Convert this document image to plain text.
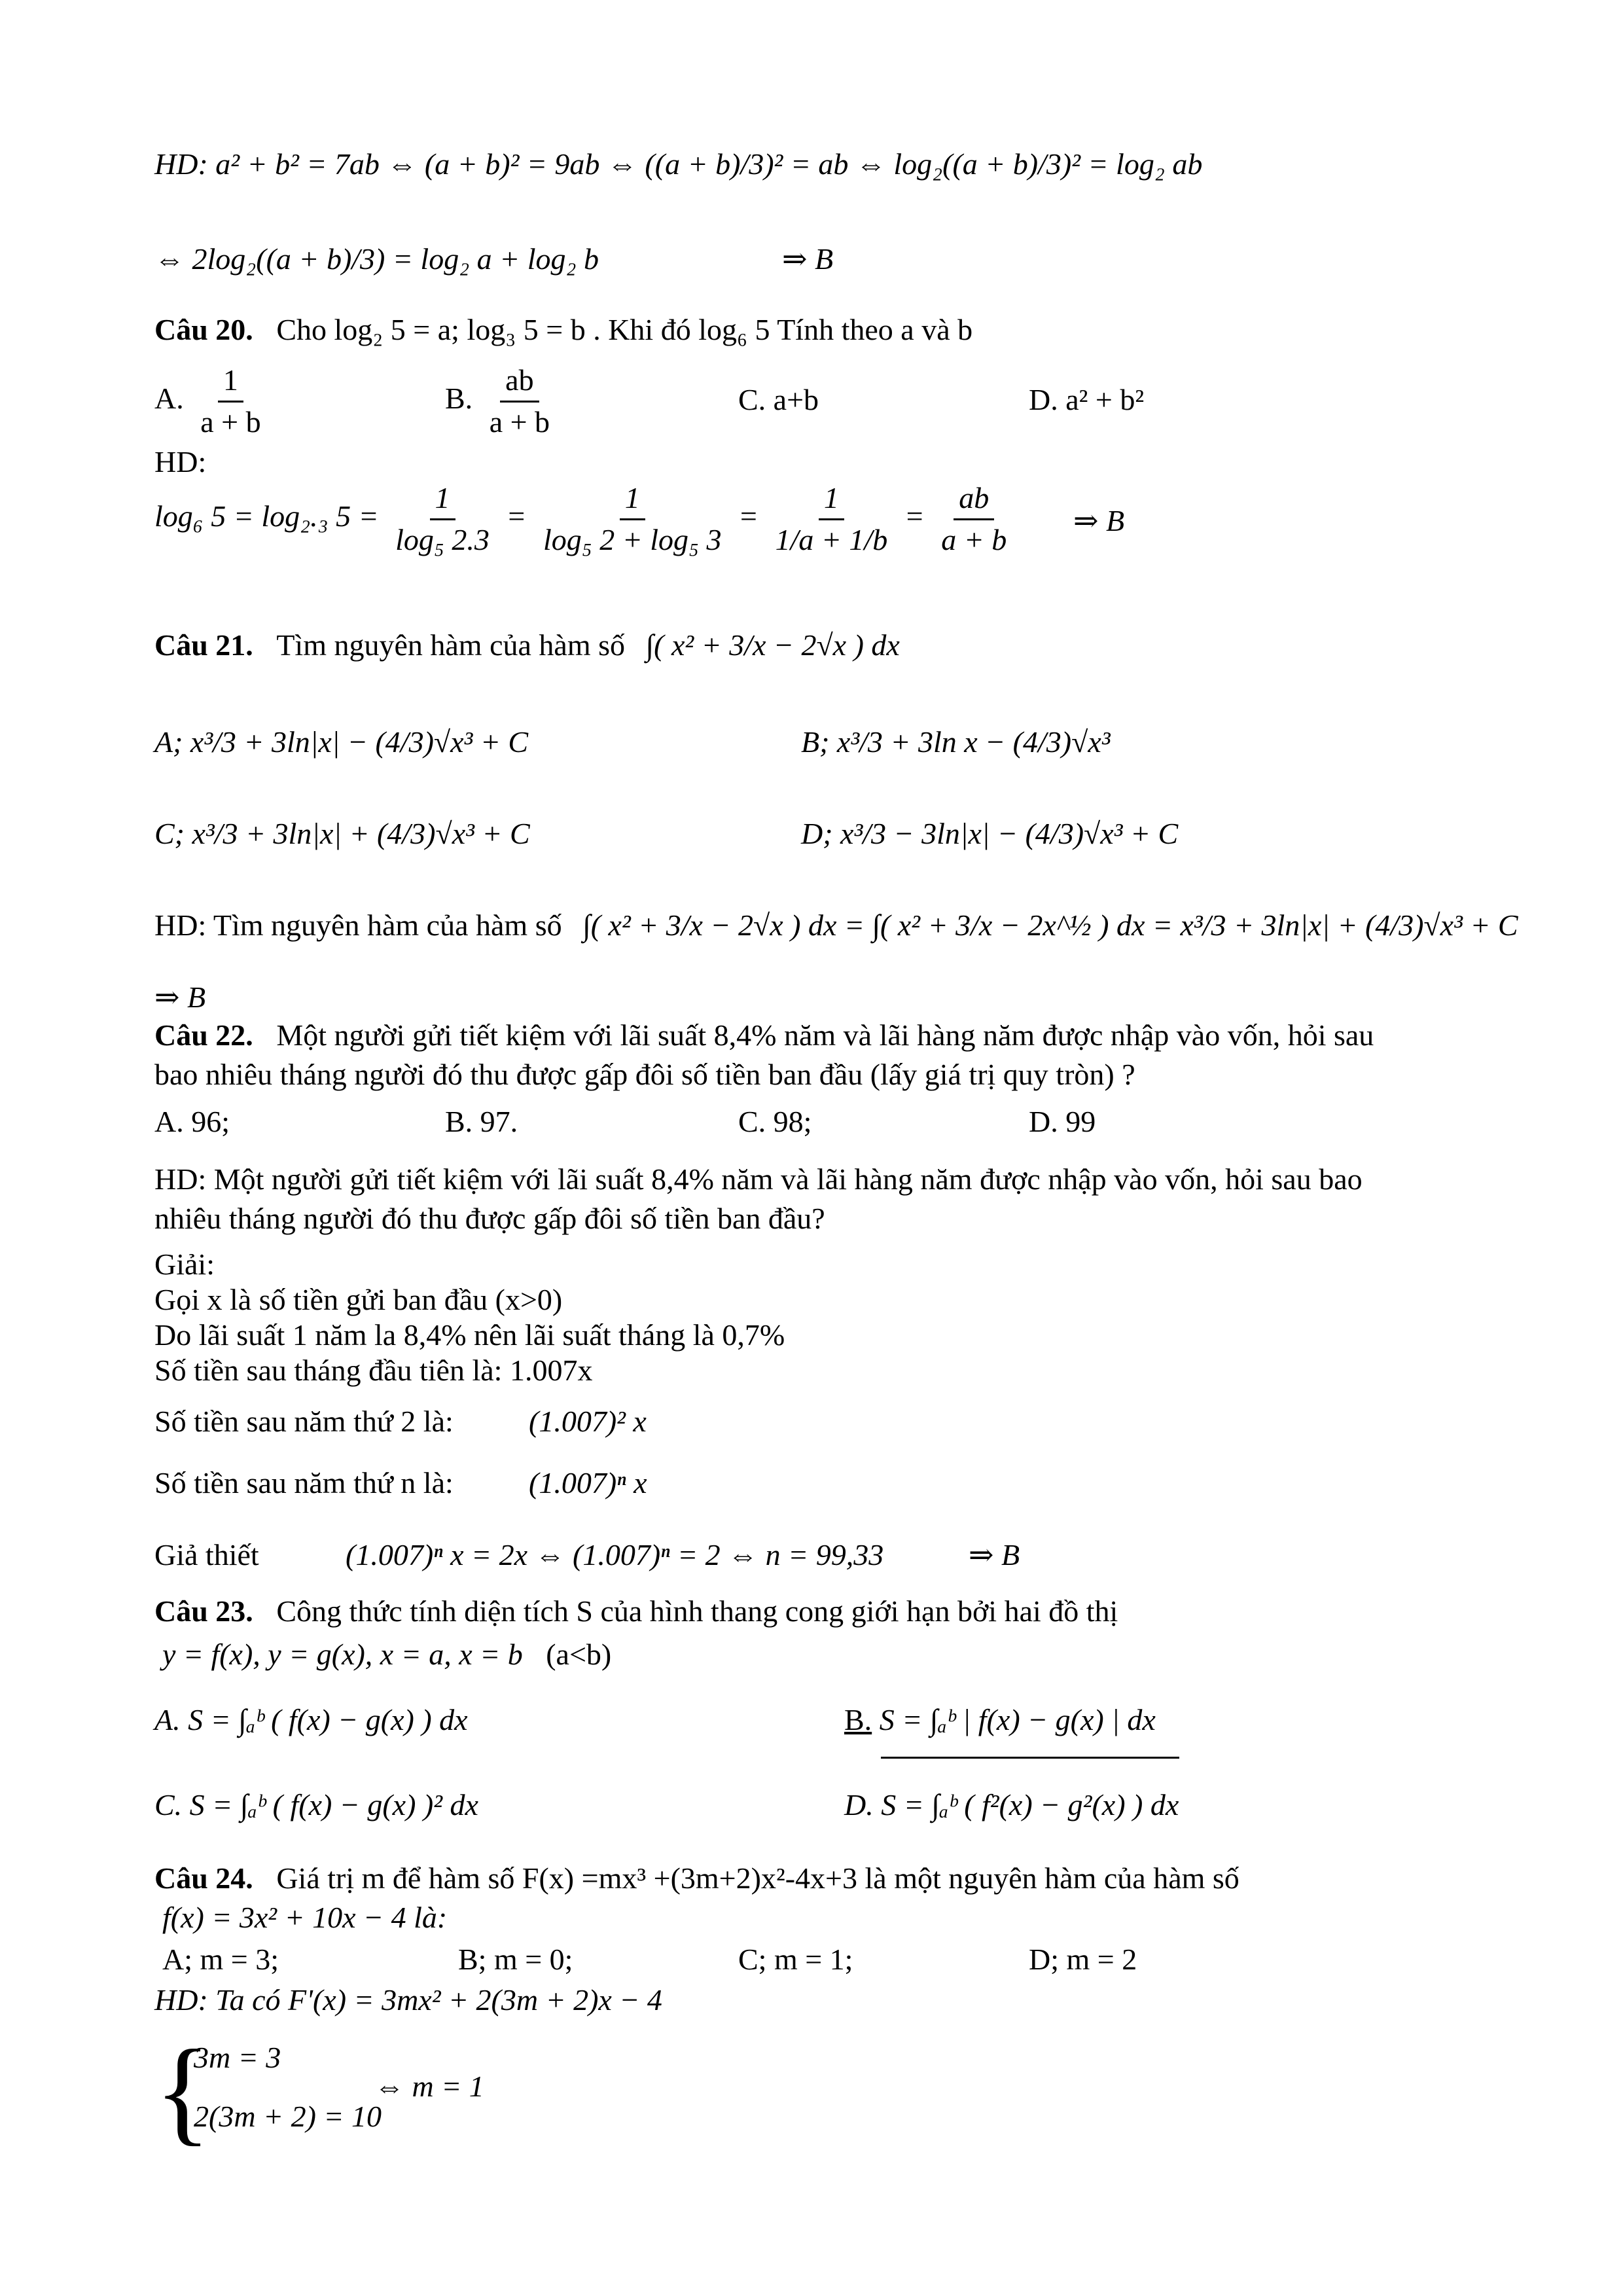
HD: a² + b² = 7ab ⇔ (a + b)² = 9ab ⇔ ((a + b)/3)² = ab ⇔ log₂((a + b)/3)² = log₂ ab
⇔ 2log₂((a + b)/3) = log₂ a + log₂ b	⇒ B
Câu 20. Cho log₂ 5 = a; log₃ 5 = b . Khi đó log₆ 5 Tính theo a và b
A. $\frac{1}{a + b}$	B. $\frac{ab}{a + b}$	C. a+b	D. a² + b²
HD:
log₆ 5 = log₂.₃ $5 = \frac{1}{\text{log₅ 2.3}} = \frac{1}{\text{log₅ 2 + log₅ 3}} = \frac{1}{1/a + 1/b} = \frac{ab}{a + b}$ ⇒ B
Câu 21. Tìm nguyên hàm của hàm số ∫( x² + 3/x − 2√x ) dx
A; x³/3 + 3ln|x| − (4/3)√x³ + C	B; x³/3 + 3ln x − (4/3)√x³
C; x³/3 + 3ln|x| + (4/3)√x³ + C	D; x³/3 − 3ln|x| − (4/3)√x³ + C
HD: Tìm nguyên hàm của hàm số ∫( x² + 3/x − 2√x ) dx = ∫( x² + 3/x − 2x^½ ) dx = x³/3 + 3ln|x| + (4/3)√x³ + C
⇒ B
Câu 22. Một người gửi tiết kiệm với lãi suất 8,4% năm và lãi hàng năm được nhập vào vốn, hỏi sau
bao nhiêu tháng người đó thu được gấp đôi số tiền ban đầu (lấy giá trị quy tròn) ?
A. 96;	B. 97.	C. 98;	D. 99
HD: Một người gửi tiết kiệm với lãi suất 8,4% năm và lãi hàng năm được nhập vào vốn, hỏi sau bao
nhiêu tháng người đó thu được gấp đôi số tiền ban đầu?
Giải:
Gọi x là số tiền gửi ban đầu (x>0)
Do lãi suất 1 năm la 8,4% nên lãi suất tháng là 0,7%
Số tiền sau tháng đầu tiên là: 1.007x
Số tiền sau năm thứ 2 là:	(1.007)² x
Số tiền sau năm thứ n là:	(1.007)ⁿ x
Giả thiết	(1.007)ⁿ x = 2x ⇔ (1.007)ⁿ = 2 ⇔ n = 99,33	⇒ B
Câu 23. Công thức tính diện tích S của hình thang cong giới hạn bởi hai đồ thị
y = f(x), y = g(x), x = a, x = b (a<b)
A. S = ∫ₐᵇ ( f(x) − g(x) ) dx	B. S = ∫ₐᵇ | f(x) − g(x) | dx
C. S = ∫ₐᵇ ( f(x) − g(x) )² dx	D. S = ∫ₐᵇ ( f²(x) − g²(x) ) dx
Câu 24. Giá trị m để hàm số F(x) =mx³ +(3m+2)x²-4x+3 là một nguyên hàm của hàm số
f(x) = 3x² + 10x − 4 là:
A; m = 3;	B; m = 0;	C; m = 1;	D; m = 2
HD: Ta có F'(x) = 3mx² + 2(3m + 2)x − 4
{
3m = 3
2(3m + 2) = 10
⇔ m = 1
